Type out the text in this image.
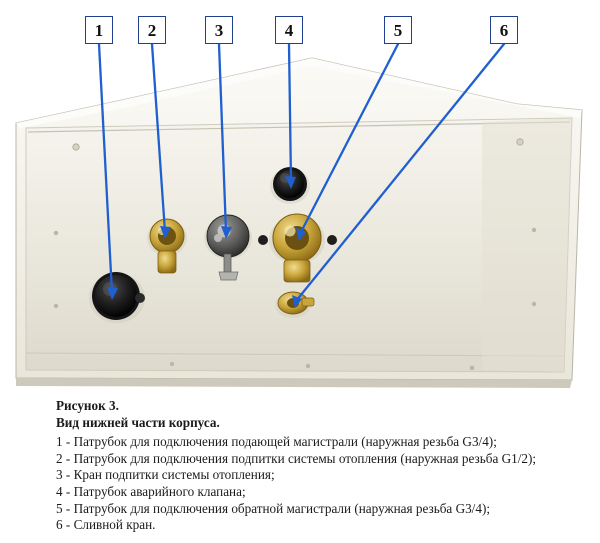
1	2	3	4	5	6
Рисунок 3.
Вид нижней части корпуса.
1 - Патрубок для подключения подающей магистрали (наружная резьба G3/4);
2 - Патрубок для подключения подпитки системы отопления (наружная резьба G1/2);
3 - Кран подпитки системы отопления;
4 - Патрубок аварийного клапана;
5 - Патрубок для подключения обратной магистрали (наружная резьба G3/4);
6 - Сливной кран.
